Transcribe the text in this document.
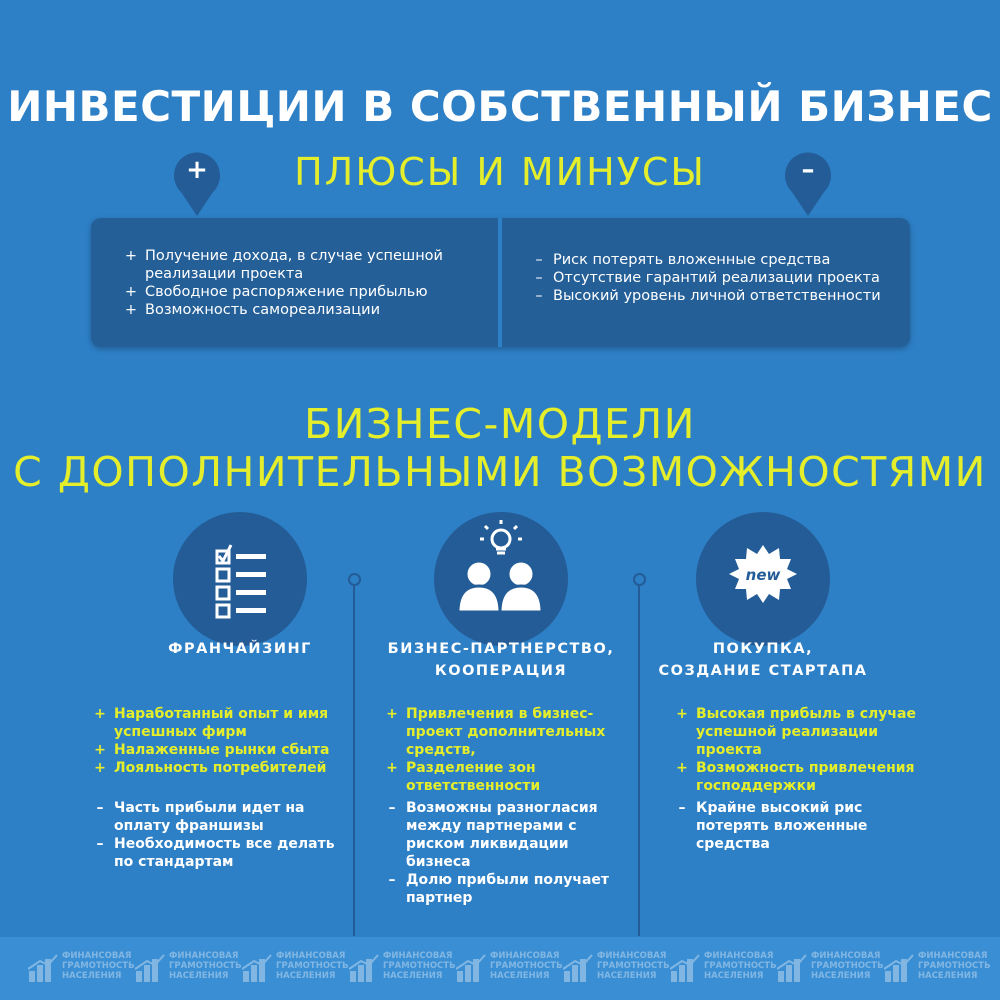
ИНВЕСТИЦИИ В СОБСТВЕННЫЙ БИЗНЕС
+	–
ПЛЮСЫ И МИНУСЫ
+ Получение дохода, в случае успешной реализации проекта
+ Свободное распоряжение прибылью
+ Возможность самореализации
– Риск потерять вложенные средства
– Отсутствие гарантий реализации проекта
– Высокий уровень личной ответственности
БИЗНЕС-МОДЕЛИ
С ДОПОЛНИТЕЛЬНЫМИ ВОЗМОЖНОСТЯМИ
new
ФРАНЧАЙЗИНГ	БИЗНЕС-ПАРТНЕРСТВО,
КООПЕРАЦИЯ
ПОКУПКА,
СОЗДАНИЕ СТАРТАПА
+ Наработанный опыт и имя успешных фирм
+ Налаженные рынки сбыта
+ Лояльность потребителей
– Часть прибыли идет на оплату франшизы
– Необходимость все делать по стандартам
+ Привлечения в бизнес-проект дополнительных средств,
+ Разделение зон ответственности
– Возможны разногласия между партнерами с риском ликвидации бизнеса
– Долю прибыли получает партнер
+ Высокая прибыль в случае успешной реализации проекта
+ Возможность привлечения господдержки
– Крайне высокий рис потерять вложенные средства
ФИНАНСОВАЯ
ГРАМОТНОСТЬ
НАСЕЛЕНИЯ
ФИНАНСОВАЯ
ГРАМОТНОСТЬ
НАСЕЛЕНИЯ
ФИНАНСОВАЯ
ГРАМОТНОСТЬ
НАСЕЛЕНИЯ
ФИНАНСОВАЯ
ГРАМОТНОСТЬ
НАСЕЛЕНИЯ
ФИНАНСОВАЯ
ГРАМОТНОСТЬ
НАСЕЛЕНИЯ
ФИНАНСОВАЯ
ГРАМОТНОСТЬ
НАСЕЛЕНИЯ
ФИНАНСОВАЯ
ГРАМОТНОСТЬ
НАСЕЛЕНИЯ
ФИНАНСОВАЯ
ГРАМОТНОСТЬ
НАСЕЛЕНИЯ
ФИНАНСОВАЯ
ГРАМОТНОСТЬ
НАСЕЛЕНИЯ
